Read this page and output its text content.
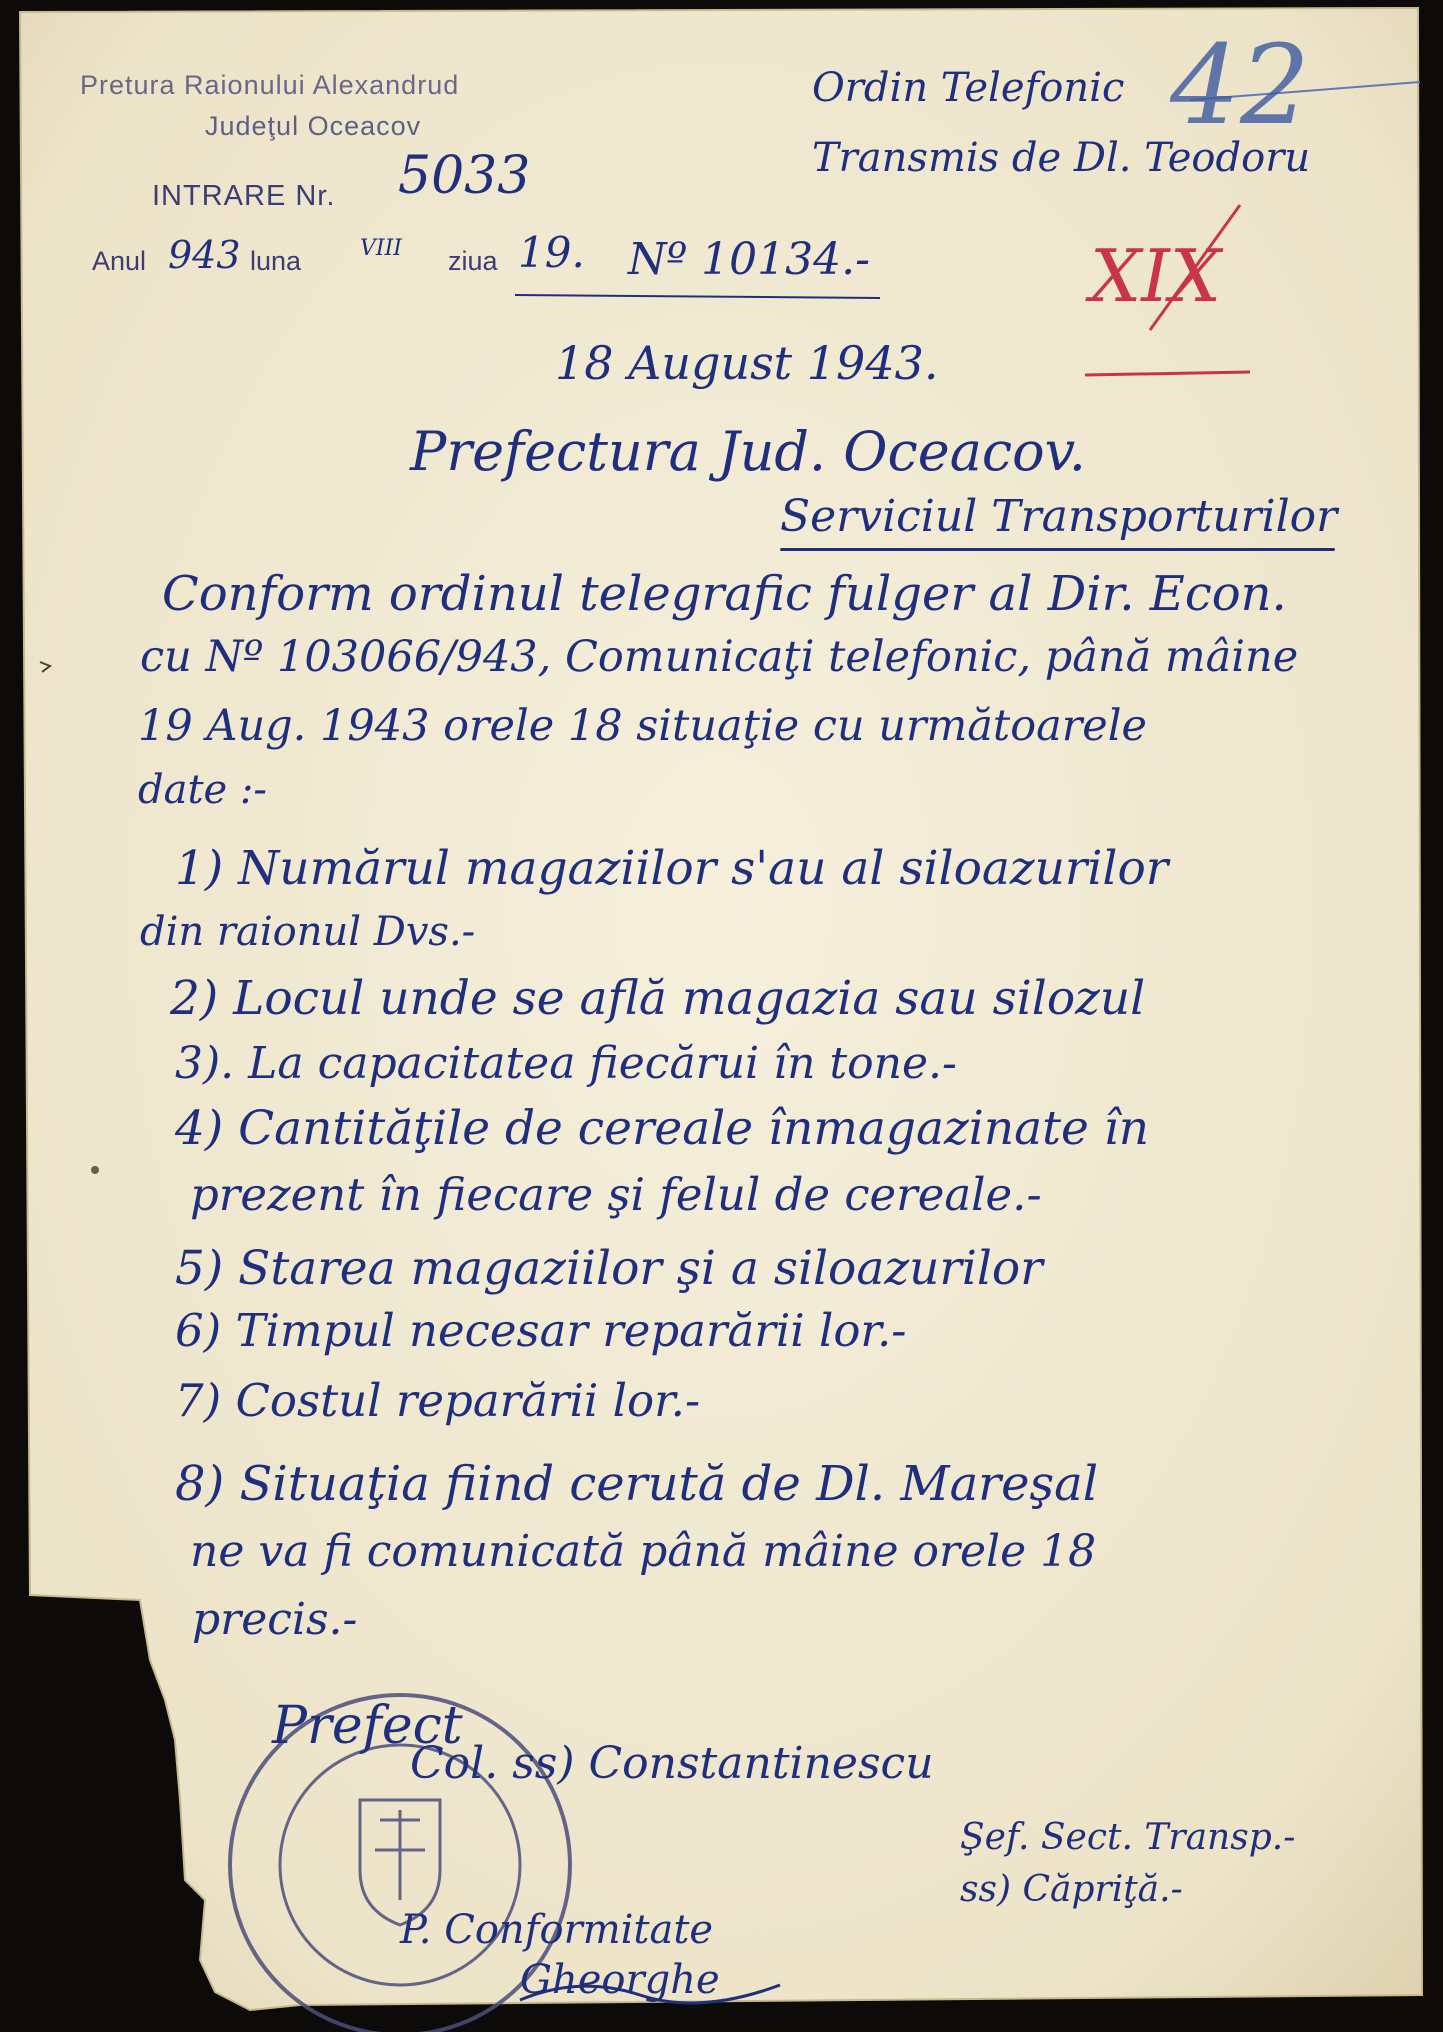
Pretura Raionului Alexandrud
Judeţul Oceacov
INTRARE Nr. 5033
Anul 943 luna	VIII ziua 19. Nº 10134.-
Ordin Telefonic
Transmis de Dl. Teodoru
42
XIX
18 August 1943.
Prefectura Jud. Oceacov.
Serviciul Transporturilor
Conform ordinul telegrafic fulger al Dir. Econ.
cu Nº 103066/943, Comunicaţi telefonic, până mâine
19 Aug. 1943 orele 18 situaţie cu următoarele
date :-
1) Numărul magaziilor s'au al siloazurilor
din raionul Dvs.-
2) Locul unde se află magazia sau silozul
3). La capacitatea fiecărui în tone.-
4) Cantităţile de cereale înmagazinate în
prezent în fiecare şi felul de cereale.-
5) Starea magaziilor şi a siloazurilor
6) Timpul necesar reparării lor.-
7) Costul reparării lor.-
8) Situaţia fiind cerută de Dl. Mareşal
ne va fi comunicată până mâine orele 18
precis.-
Prefect
Col. ss) Constantinescu
Şef. Sect. Transp.-
ss) Căpriţă.-
P. Conformitate
Gheorghe
